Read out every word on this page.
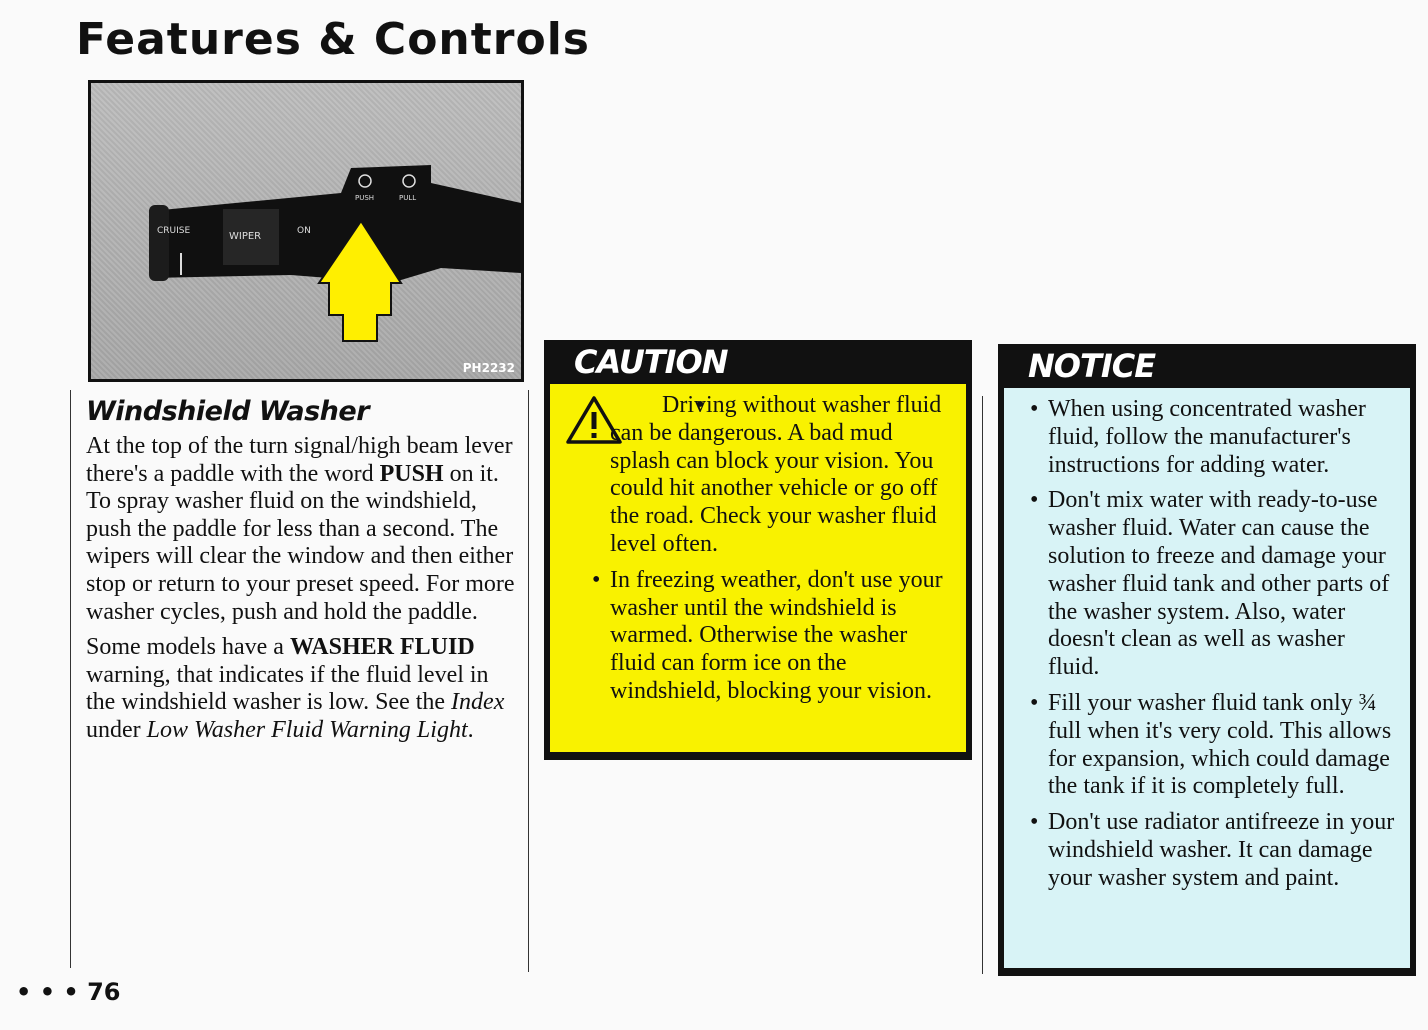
Features & Controls
PUSH	PULL
CRUISE	WIPER	ON
PH2232
Windshield Washer

At the top of the turn signal/high beam lever there's a paddle with the word PUSH on it. To spray washer fluid on the windshield, push the paddle for less than a second. The wipers will clear the window and then either stop or return to your preset speed. For more washer cycles, push and hold the paddle.

Some models have a WASHER FLUID warning, that indicates if the fluid level in the windshield washer is low. See the Index under Low Washer Fluid Warning Light.

CAUTION
• Driving without washer fluid can be dangerous. A bad mud splash can block your vision. You could hit another vehicle or go off the road. Check your washer fluid level often.
• In freezing weather, don't use your washer until the windshield is warmed. Otherwise the washer fluid can form ice on the windshield, blocking your vision.
NOTICE
• When using concentrated washer fluid, follow the manufacturer's instructions for adding water.
• Don't mix water with ready-to-use washer fluid. Water can cause the solution to freeze and damage your washer fluid tank and other parts of the washer system. Also, water doesn't clean as well as washer fluid.
• Fill your washer fluid tank only ¾ full when it's very cold. This allows for expansion, which could damage the tank if it is completely full.
• Don't use radiator antifreeze in your windshield washer. It can damage your washer system and paint.
• • • 76
